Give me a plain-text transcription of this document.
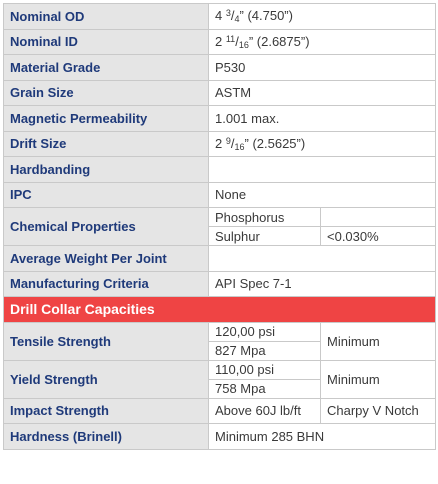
Nominal OD	4 $^3/_4$” (4.750”)	
Nominal ID	2 $^{11}/_{16}$” (2.6875”)	
Material Grade	P530	
Grain Size	ASTM	
Magnetic Permeability	1.001 max.	
Drift Size	2 $^9/_{16}$” (2.5625”)	
Hardbanding		
IPC	None	
Chemical Properties	Phosphorus	
	Sulphur	<0.030%
Average Weight Per Joint		
Manufacturing Criteria	API Spec 7-1	
Drill Collar Capacities		
Tensile Strength	120,00 psi	Minimum
	827 Mpa	
Yield Strength	110,00 psi	Minimum
	758 Mpa	
Impact Strength	Above 60J lb/ft	Charpy V Notch
Hardness (Brinell)	Minimum 285 BHN	
